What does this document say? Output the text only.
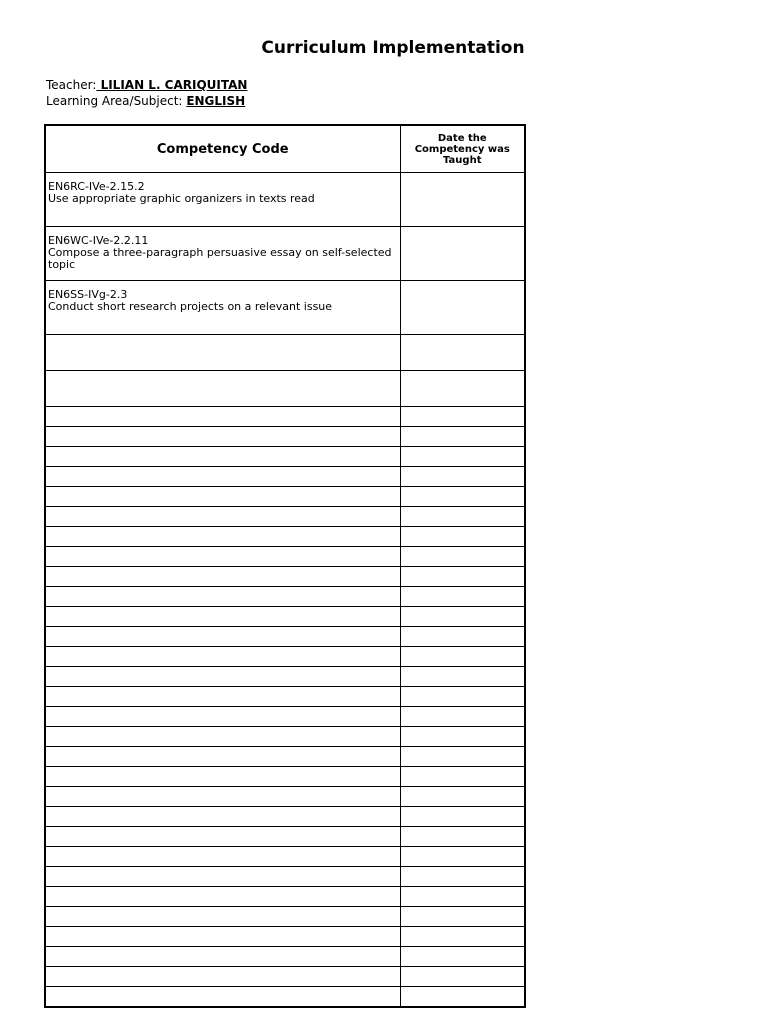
Curriculum Implementation
Teacher: LILIAN L. CARIQUITAN
Learning Area/Subject: ENGLISH
Competency Code	Date the Competency was Taught

EN6RC-IVe-2.15.2
Use appropriate graphic organizers in texts read	

EN6WC-IVe-2.2.11
Compose a three-paragraph persuasive essay on self-selected topic	

EN6SS-IVg-2.3
Conduct short research projects on a relevant issue	
